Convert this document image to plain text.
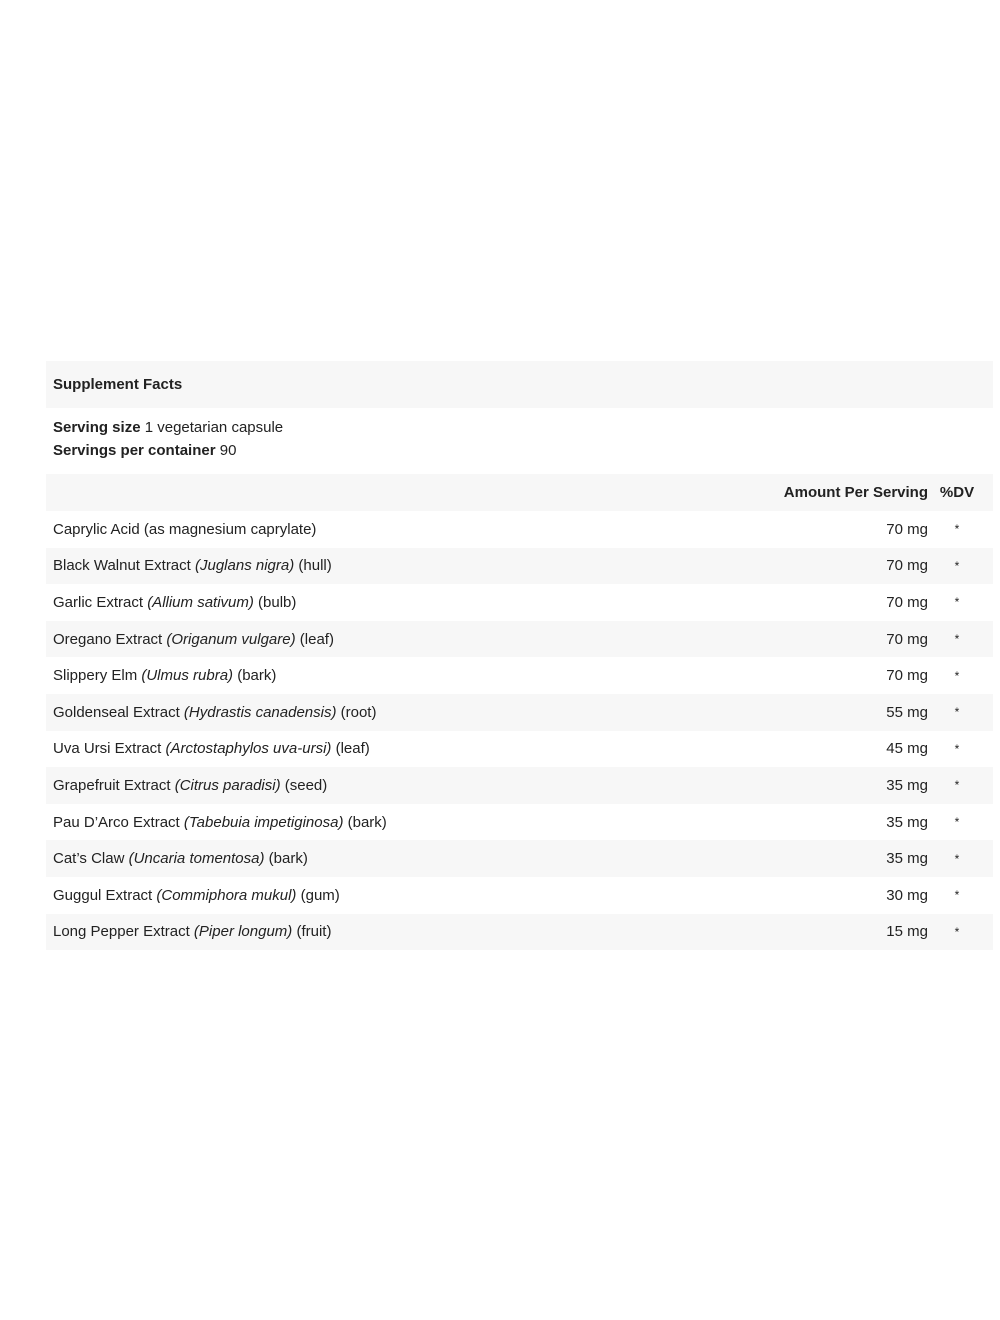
Supplement Facts
Serving size 1 vegetarian capsule
Servings per container 90
Amount Per Serving %DV
Caprylic Acid (as magnesium caprylate)	70 mg	*
Black Walnut Extract (Juglans nigra) (hull)	70 mg	*
Garlic Extract (Allium sativum) (bulb)	70 mg	*
Oregano Extract (Origanum vulgare) (leaf)	70 mg	*
Slippery Elm (Ulmus rubra) (bark)	70 mg	*
Goldenseal Extract (Hydrastis canadensis) (root)	55 mg	*
Uva Ursi Extract (Arctostaphylos uva-ursi) (leaf)	45 mg	*
Grapefruit Extract (Citrus paradisi) (seed)	35 mg	*
Pau D’Arco Extract (Tabebuia impetiginosa) (bark)	35 mg	*
Cat’s Claw (Uncaria tomentosa) (bark)	35 mg	*
Guggul Extract (Commiphora mukul) (gum)	30 mg	*
Long Pepper Extract (Piper longum) (fruit)	15 mg	*
